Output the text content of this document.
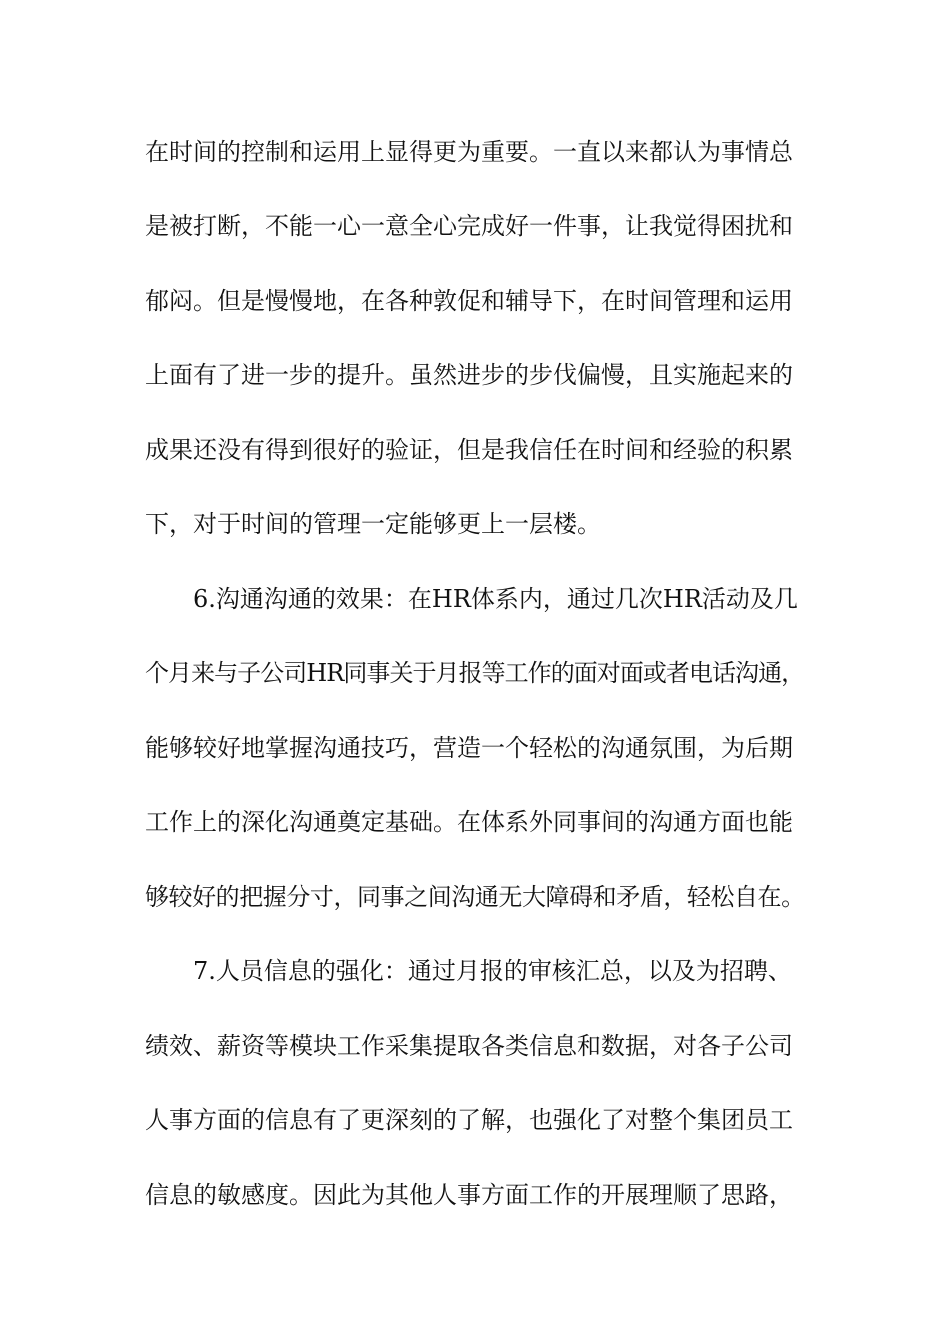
在时间的控制和运用上显得更为重要。一直以来都认为事情总
是被打断，不能一心一意全心完成好一件事，让我觉得困扰和
郁闷。但是慢慢地，在各种敦促和辅导下，在时间管理和运用
上面有了进一步的提升。虽然进步的步伐偏慢，且实施起来的
成果还没有得到很好的验证，但是我信任在时间和经验的积累
下，对于时间的管理一定能够更上一层楼。
6.沟通沟通的效果：在HR体系内，通过几次HR活动及几
个月来与子公司HR同事关于月报等工作的面对面或者电话沟通，
能够较好地掌握沟通技巧，营造一个轻松的沟通氛围，为后期
工作上的深化沟通奠定基础。在体系外同事间的沟通方面也能
够较好的把握分寸，同事之间沟通无大障碍和矛盾，轻松自在。
7.人员信息的强化：通过月报的审核汇总，以及为招聘、
绩效、薪资等模块工作采集提取各类信息和数据，对各子公司
人事方面的信息有了更深刻的了解，也强化了对整个集团员工
信息的敏感度。因此为其他人事方面工作的开展理顺了思路，
